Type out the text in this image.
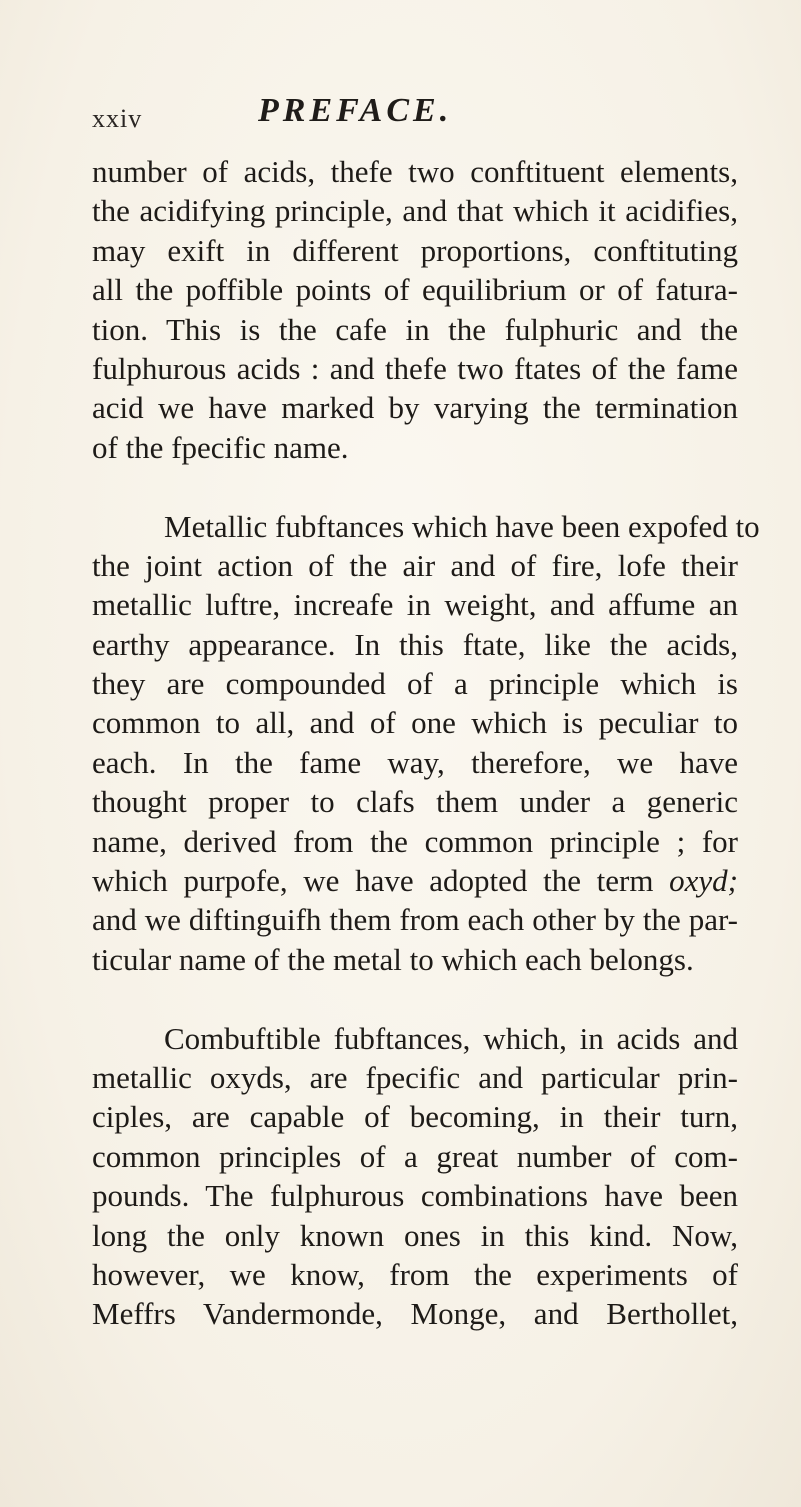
xxiv	PREFACE.

number of acids, thefe two conftituent elements,
the acidifying principle, and that which it acidifies,
may exift in different proportions, conftituting
all the poffible points of equilibrium or of fatura-
tion. This is the cafe in the fulphuric and the
fulphurous acids : and thefe two ftates of the fame
acid we have marked by varying the termination
of the fpecific name.

Metallic fubftances which have been expofed to
the joint action of the air and of fire, lofe their
metallic luftre, increafe in weight, and affume an
earthy appearance. In this ftate, like the acids,
they are compounded of a principle which is
common to all, and of one which is peculiar to
each. In the fame way, therefore, we have
thought proper to clafs them under a generic
name, derived from the common principle ; for
which purpofe, we have adopted the term oxyd;
and we diftinguifh them from each other by the par-
ticular name of the metal to which each belongs.

Combuftible fubftances, which, in acids and
metallic oxyds, are fpecific and particular prin-
ciples, are capable of becoming, in their turn,
common principles of a great number of com-
pounds. The fulphurous combinations have been
long the only known ones in this kind. Now,
however, we know, from the experiments of
Meffrs Vandermonde, Monge, and Berthollet,
